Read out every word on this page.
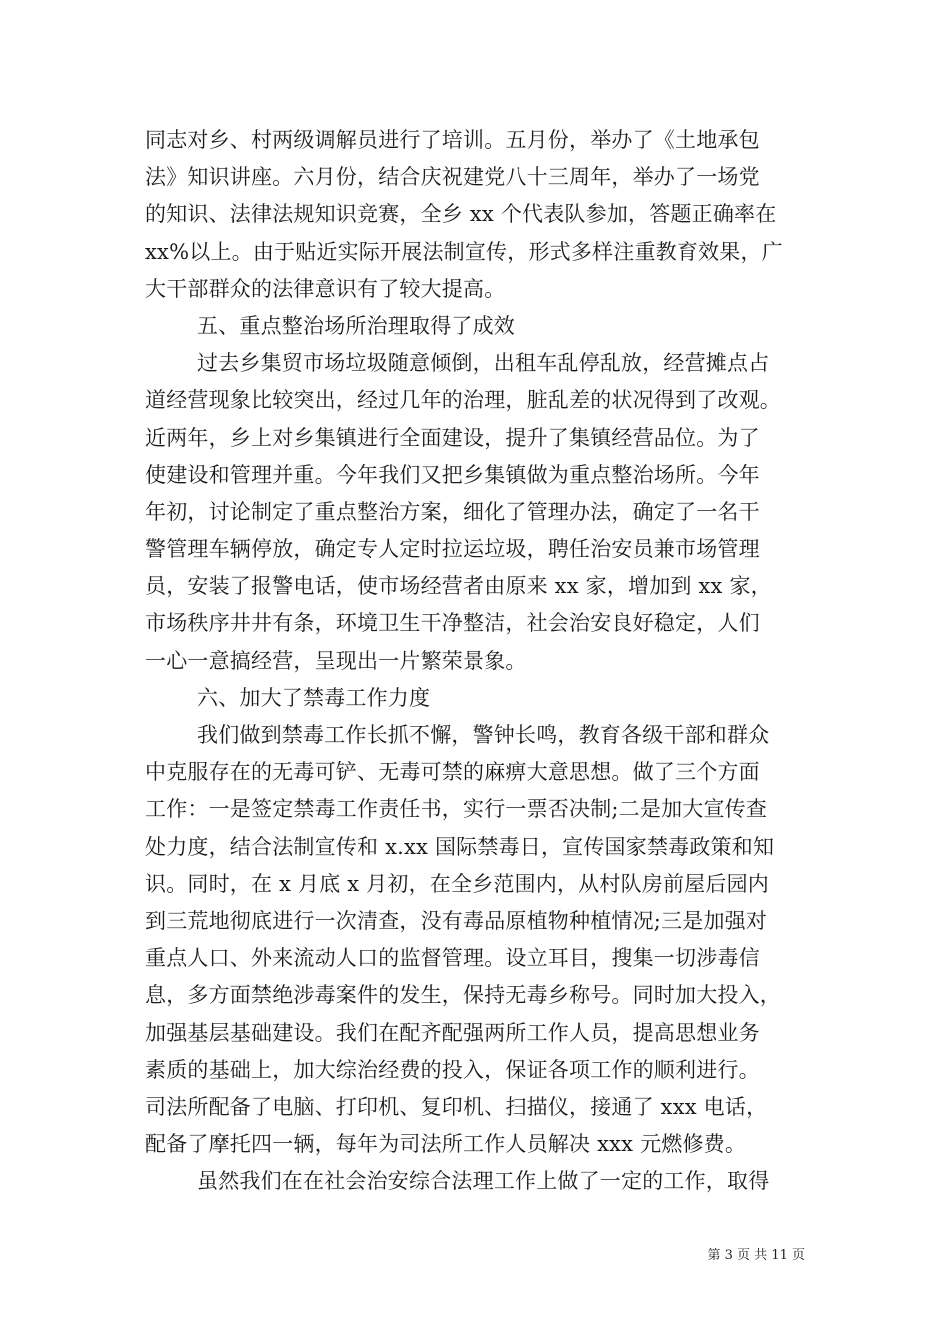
同志对乡、村两级调解员进行了培训。五月份，举办了《土地承包
法》知识讲座。六月份，结合庆祝建党八十三周年，举办了一场党
的知识、法律法规知识竞赛，全乡 xx 个代表队参加，答题正确率在
xx%以上。由于贴近实际开展法制宣传，形式多样注重教育效果，广
大干部群众的法律意识有了较大提高。
五、重点整治场所治理取得了成效
过去乡集贸市场垃圾随意倾倒，出租车乱停乱放，经营摊点占
道经营现象比较突出，经过几年的治理，脏乱差的状况得到了改观。
近两年，乡上对乡集镇进行全面建设，提升了集镇经营品位。为了
使建设和管理并重。今年我们又把乡集镇做为重点整治场所。今年
年初，讨论制定了重点整治方案，细化了管理办法，确定了一名干
警管理车辆停放，确定专人定时拉运垃圾，聘任治安员兼市场管理
员，安装了报警电话，使市场经营者由原来 xx 家，增加到 xx 家，
市场秩序井井有条，环境卫生干净整洁，社会治安良好稳定，人们
一心一意搞经营，呈现出一片繁荣景象。
六、加大了禁毒工作力度
我们做到禁毒工作长抓不懈，警钟长鸣，教育各级干部和群众
中克服存在的无毒可铲、无毒可禁的麻痹大意思想。做了三个方面
工作：一是签定禁毒工作责任书，实行一票否决制;二是加大宣传查
处力度，结合法制宣传和 x.xx 国际禁毒日，宣传国家禁毒政策和知
识。同时，在 x 月底 x 月初，在全乡范围内，从村队房前屋后园内
到三荒地彻底进行一次清查，没有毒品原植物种植情况;三是加强对
重点人口、外来流动人口的监督管理。设立耳目，搜集一切涉毒信
息，多方面禁绝涉毒案件的发生，保持无毒乡称号。同时加大投入，
加强基层基础建设。我们在配齐配强两所工作人员，提高思想业务
素质的基础上，加大综治经费的投入，保证各项工作的顺利进行。
司法所配备了电脑、打印机、复印机、扫描仪，接通了 xxx 电话，
配备了摩托四一辆，每年为司法所工作人员解决 xxx 元燃修费。
虽然我们在在社会治安综合法理工作上做了一定的工作，取得
第 3 页 共 11 页
